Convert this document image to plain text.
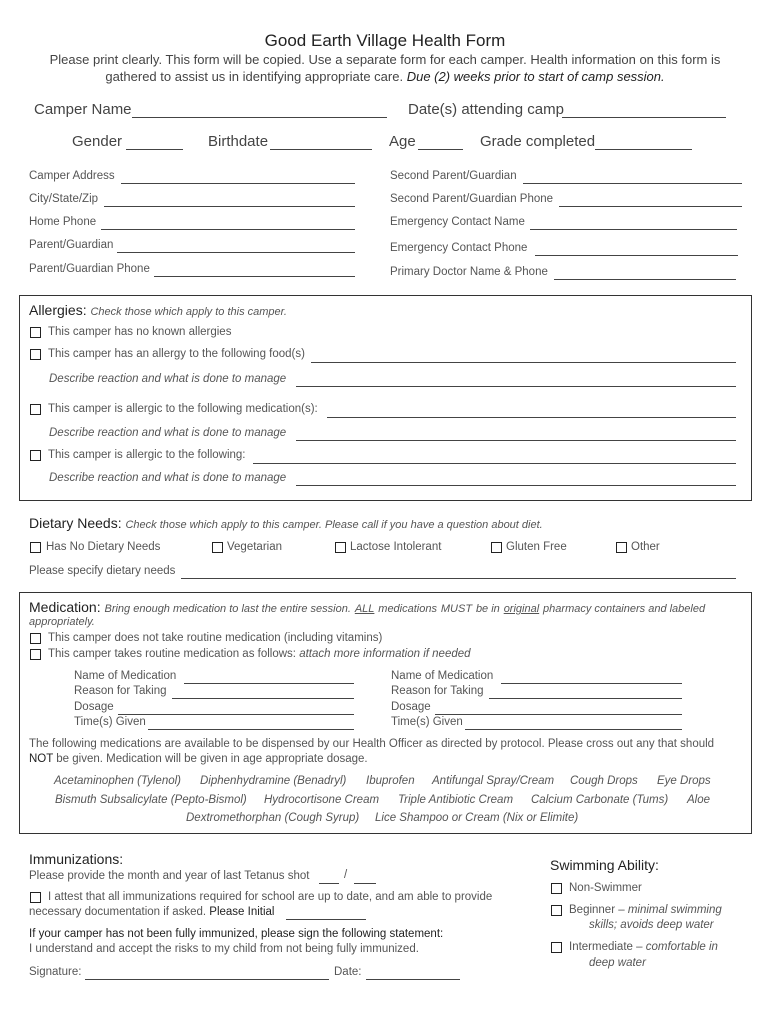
Good Earth Village Health Form
Please print clearly. This form will be copied. Use a separate form for each camper. Health information on this form is
gathered to assist us in identifying appropriate care. Due (2) weeks prior to start of camp session.
Camper Name	Date(s) attending camp
Gender	Birthdate	Age	Grade completed
Camper Address
City/State/Zip
Home Phone
Parent/Guardian
Parent/Guardian Phone
Second Parent/Guardian
Second Parent/Guardian Phone
Emergency Contact Name
Emergency Contact Phone
Primary Doctor Name & Phone
Allergies: Check those which apply to this camper.
This camper has no known allergies
This camper has an allergy to the following food(s)
Describe reaction and what is done to manage
This camper is allergic to the following medication(s):
Describe reaction and what is done to manage
This camper is allergic to the following:
Describe reaction and what is done to manage
Dietary Needs: Check those which apply to this camper. Please call if you have a question about diet.
Has No Dietary Needs	Vegetarian	Lactose Intolerant	Gluten Free	Other
Please specify dietary needs
Medication: Bring enough medication to last the entire session. ALL medications MUST be in original pharmacy containers and labeled
appropriately.
This camper does not take routine medication (including vitamins)
This camper takes routine medication as follows: attach more information if needed
Name of Medication
Reason for Taking
Dosage
Time(s) Given
Name of Medication
Reason for Taking
Dosage
Time(s) Given
The following medications are available to be dispensed by our Health Officer as directed by protocol. Please cross out any that should
NOT be given. Medication will be given in age appropriate dosage.
Acetaminophen (Tylenol) Diphenhydramine (Benadryl) Ibuprofen Antifungal Spray/Cream Cough Drops Eye Drops
Bismuth Subsalicylate (Pepto-Bismol) Hydrocortisone Cream Triple Antibiotic Cream Calcium Carbonate (Tums) Aloe
Dextromethorphan (Cough Syrup) Lice Shampoo or Cream (Nix or Elimite)
Immunizations:
Please provide the month and year of last Tetanus shot	/
I attest that all immunizations required for school are up to date, and am able to provide
necessary documentation if asked. Please Initial
If your camper has not been fully immunized, please sign the following statement:
I understand and accept the risks to my child from not being fully immunized.
Signature:	Date:
Swimming Ability:
Non-Swimmer
Beginner – minimal swimming
skills; avoids deep water
Intermediate – comfortable in
deep water
